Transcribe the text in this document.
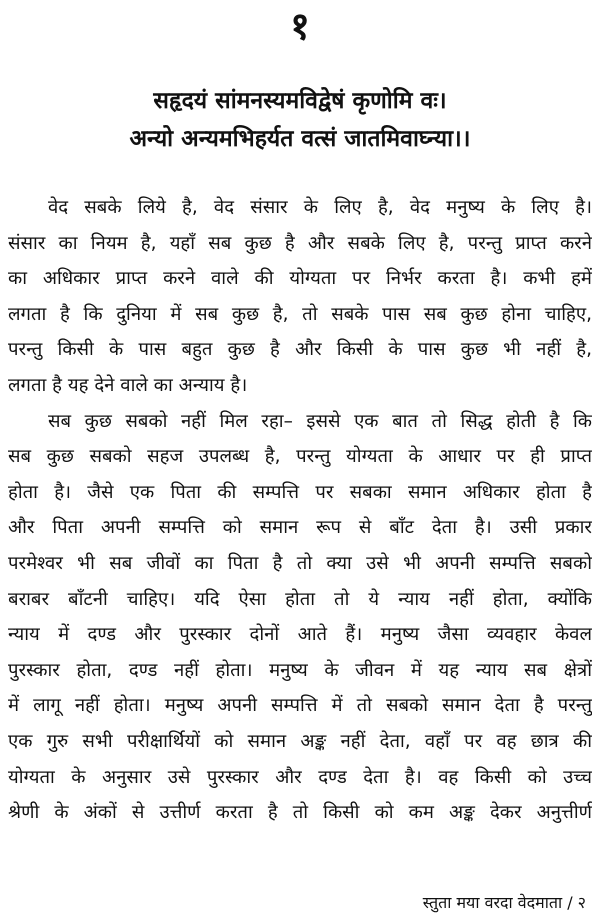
१
सहृदयं सांमनस्यमविद्वेषं कृणोमि वः।
अन्यो अन्यमभिहर्यत वत्सं जातमिवाघ्न्या।।
वेद सबके लिये है, वेद संसार के लिए है, वेद मनुष्य के लिए है।
संसार का नियम है, यहाँ सब कुछ है और सबके लिए है, परन्तु प्राप्त करने
का अधिकार प्राप्त करने वाले की योग्यता पर निर्भर करता है। कभी हमें
लगता है कि दुनिया में सब कुछ है, तो सबके पास सब कुछ होना चाहिए,
परन्तु किसी के पास बहुत कुछ है और किसी के पास कुछ भी नहीं है,
लगता है यह देने वाले का अन्याय है।
सब कुछ सबको नहीं मिल रहा– इससे एक बात तो सिद्ध होती है कि
सब कुछ सबको सहज उपलब्ध है, परन्तु योग्यता के आधार पर ही प्राप्त
होता है। जैसे एक पिता की सम्पत्ति पर सबका समान अधिकार होता है
और पिता अपनी सम्पत्ति को समान रूप से बाँट देता है। उसी प्रकार
परमेश्वर भी सब जीवों का पिता है तो क्या उसे भी अपनी सम्पत्ति सबको
बराबर बाँटनी चाहिए। यदि ऐसा होता तो ये न्याय नहीं होता, क्योंकि
न्याय में दण्ड और पुरस्कार दोनों आते हैं। मनुष्य जैसा व्यवहार केवल
पुरस्कार होता, दण्ड नहीं होता। मनुष्य के जीवन में यह न्याय सब क्षेत्रों
में लागू नहीं होता। मनुष्य अपनी सम्पत्ति में तो सबको समान देता है परन्तु
एक गुरु सभी परीक्षार्थियों को समान अङ्क नहीं देता, वहाँ पर वह छात्र की
योग्यता के अनुसार उसे पुरस्कार और दण्ड देता है। वह किसी को उच्च
श्रेणी के अंकों से उत्तीर्ण करता है तो किसी को कम अङ्क देकर अनुत्तीर्ण
स्तुता मया वरदा वेदमाता / २
